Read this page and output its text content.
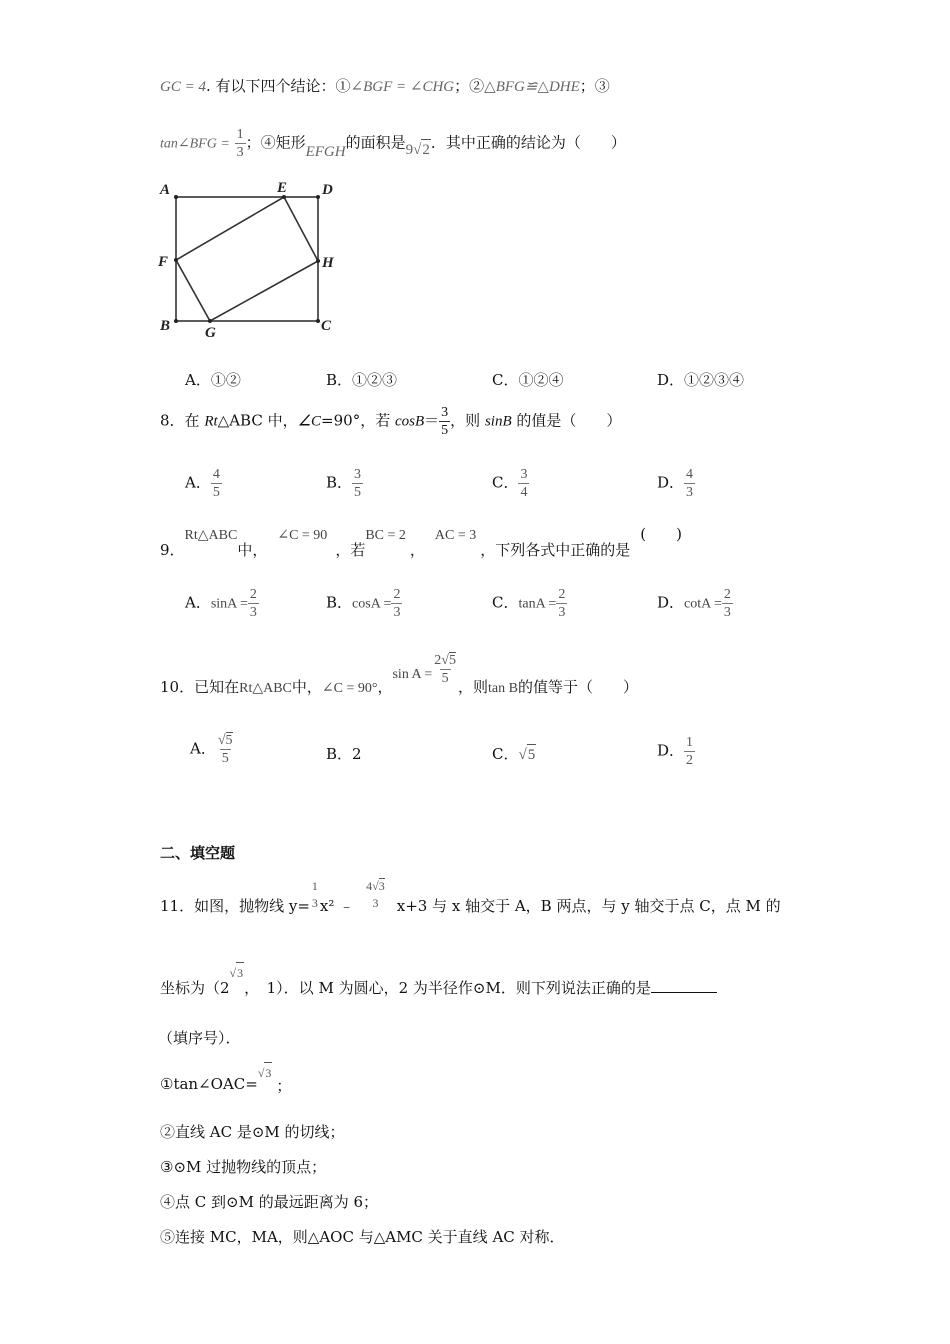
GC = 4. 有以下四个结论：①∠BGF = ∠CHG；②△BFG≌△DHE；③
tan∠BFG = $\frac{1}{3}$ ；④矩形EFGH的面积是9√2．其中正确的结论为（　　）
A	E D
F	H
B G	C
A．①②	B．①②③	C．①②④	D．①②③④
8．在 Rt△ABC 中，∠C=90°，若 $\cos B= \frac{3}{5}$ ，则 sinB 的值是（　　）
A． $\frac{4}{5}$	B． $\frac{3}{5}$	C． $\frac{3}{4}$	D． $\frac{4}{3}$
9．Rt△ABC中，∠C = 90，若BC = 2，AC = 3，下列各式中正确的是(　　)
A．$\sin A = \frac{2}{3}$	B．$\cos A = \frac{2}{3}$	C．$\tan A = \frac{2}{3}$	D．$\cot A = \frac{2}{3}$
10．已知在Rt△ABC中，∠C = 90°，$\sin A = \frac{2√5}{5}$ ，则tan B的值等于（　　）
A． $\frac{√5}{5}$	B．2	C．√5	D． $\frac{1}{2}$
二、填空题
11．如图，抛物线 y=
1
3 x² ﹣
4√3
3 x+3 与 x 轴交于 A，B 两点，与 y 轴交于点 C，点 M 的
坐标为（2√3，　1）．以 M 为圆心，2 为半径作⊙M．则下列说法正确的是
（填序号）．
①tan∠OAC=√3；
②直线 AC 是⊙M 的切线；
③⊙M 过抛物线的顶点；
④点 C 到⊙M 的最远距离为 6；
⑤连接 MC，MA，则△AOC 与△AMC 关于直线 AC 对称．
